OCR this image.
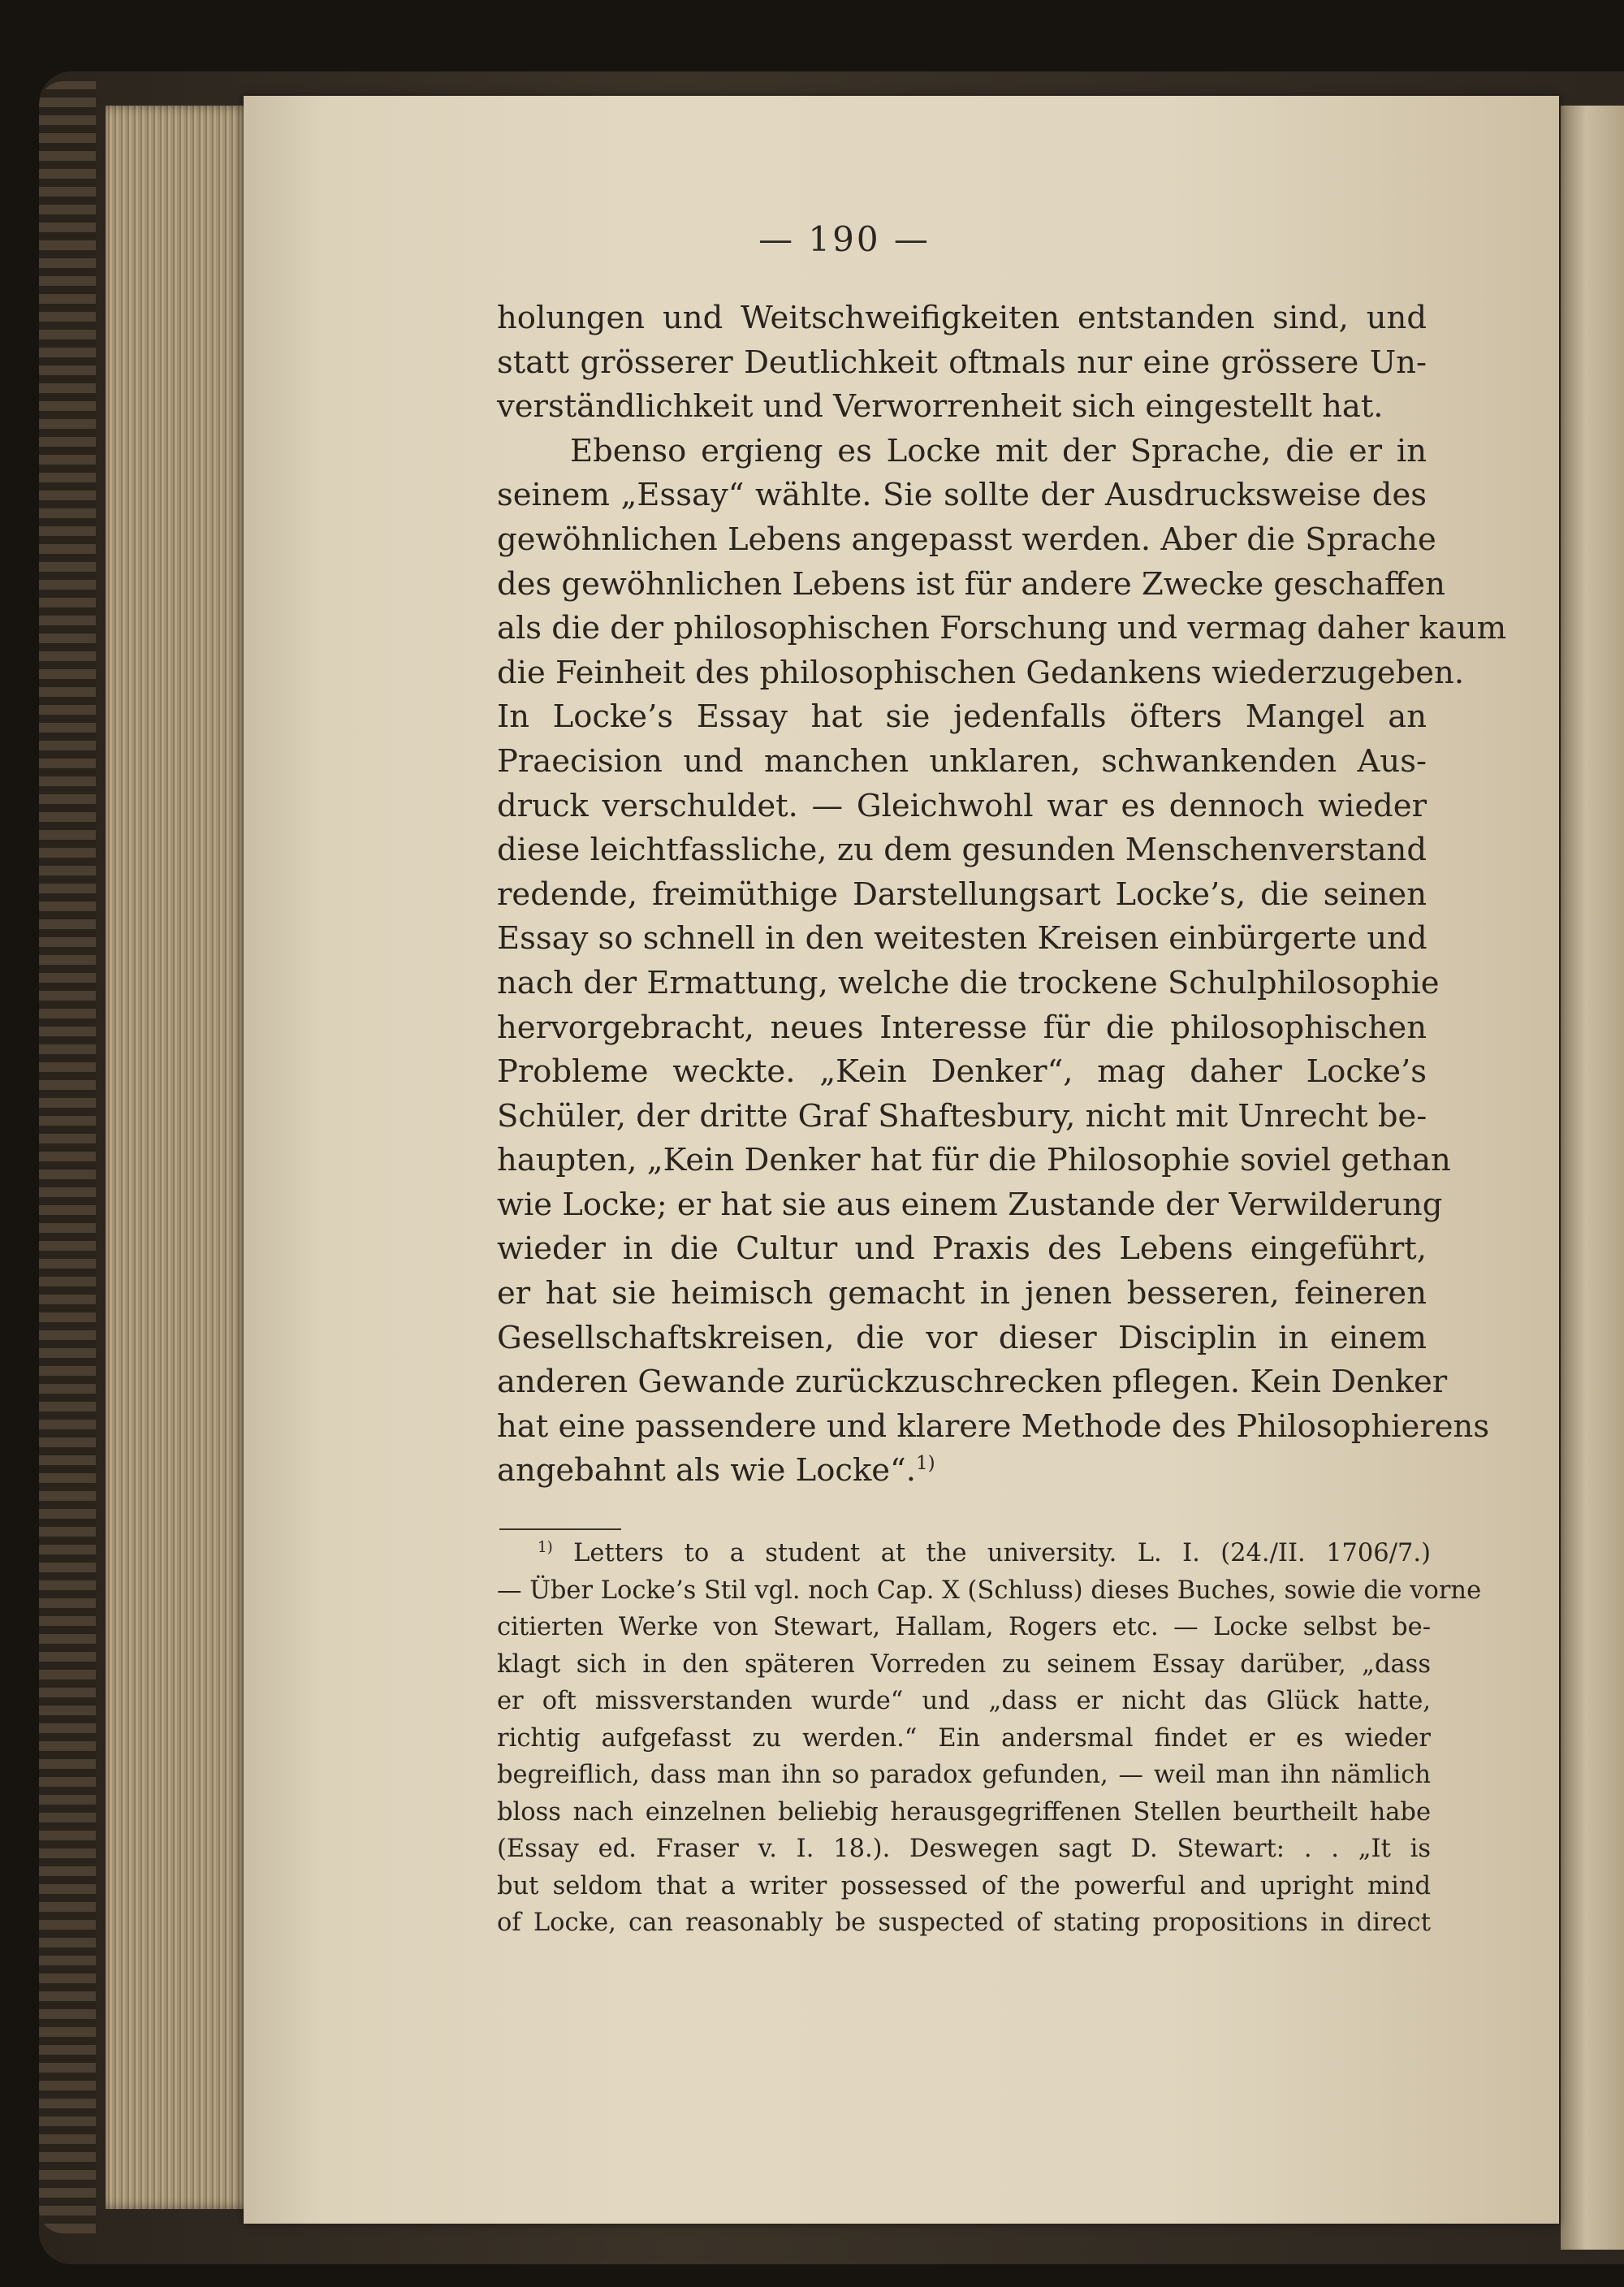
— 190 —
holungen und Weitschweifigkeiten entstanden sind, und
statt grösserer Deutlichkeit oftmals nur eine grössere Un-
verständlichkeit und Verworrenheit sich eingestellt hat.
Ebenso ergieng es Locke mit der Sprache, die er in
seinem „Essay“ wählte. Sie sollte der Ausdrucksweise des
gewöhnlichen Lebens angepasst werden. Aber die Sprache
des gewöhnlichen Lebens ist für andere Zwecke geschaffen
als die der philosophischen Forschung und vermag daher kaum
die Feinheit des philosophischen Gedankens wiederzugeben.
In Locke’s Essay hat sie jedenfalls öfters Mangel an
Praecision und manchen unklaren, schwankenden Aus-
druck verschuldet. — Gleichwohl war es dennoch wieder
diese leichtfassliche, zu dem gesunden Menschenverstand
redende, freimüthige Darstellungsart Locke’s, die seinen
Essay so schnell in den weitesten Kreisen einbürgerte und
nach der Ermattung, welche die trockene Schulphilosophie
hervorgebracht, neues Interesse für die philosophischen
Probleme weckte. „Kein Denker“, mag daher Locke’s
Schüler, der dritte Graf Shaftesbury, nicht mit Unrecht be-
haupten, „Kein Denker hat für die Philosophie soviel gethan
wie Locke; er hat sie aus einem Zustande der Verwilderung
wieder in die Cultur und Praxis des Lebens eingeführt,
er hat sie heimisch gemacht in jenen besseren, feineren
Gesellschaftskreisen, die vor dieser Disciplin in einem
anderen Gewande zurückzuschrecken pflegen. Kein Denker
hat eine passendere und klarere Methode des Philosophierens
angebahnt als wie Locke“.$^{1)}$
$^{1)}$ Letters to a student at the university. L. I. (24./II. 1706/7.)
— Über Locke’s Stil vgl. noch Cap. X (Schluss) dieses Buches, sowie die vorne
citierten Werke von Stewart, Hallam, Rogers etc. — Locke selbst be-
klagt sich in den späteren Vorreden zu seinem Essay darüber, „dass
er oft missverstanden wurde“ und „dass er nicht das Glück hatte,
richtig aufgefasst zu werden.“ Ein andersmal findet er es wieder
begreiflich, dass man ihn so paradox gefunden, — weil man ihn nämlich
bloss nach einzelnen beliebig herausgegriffenen Stellen beurtheilt habe
(Essay ed. Fraser v. I. 18.). Deswegen sagt D. Stewart: . . „It is
but seldom that a writer possessed of the powerful and upright mind
of Locke, can reasonably be suspected of stating propositions in direct
